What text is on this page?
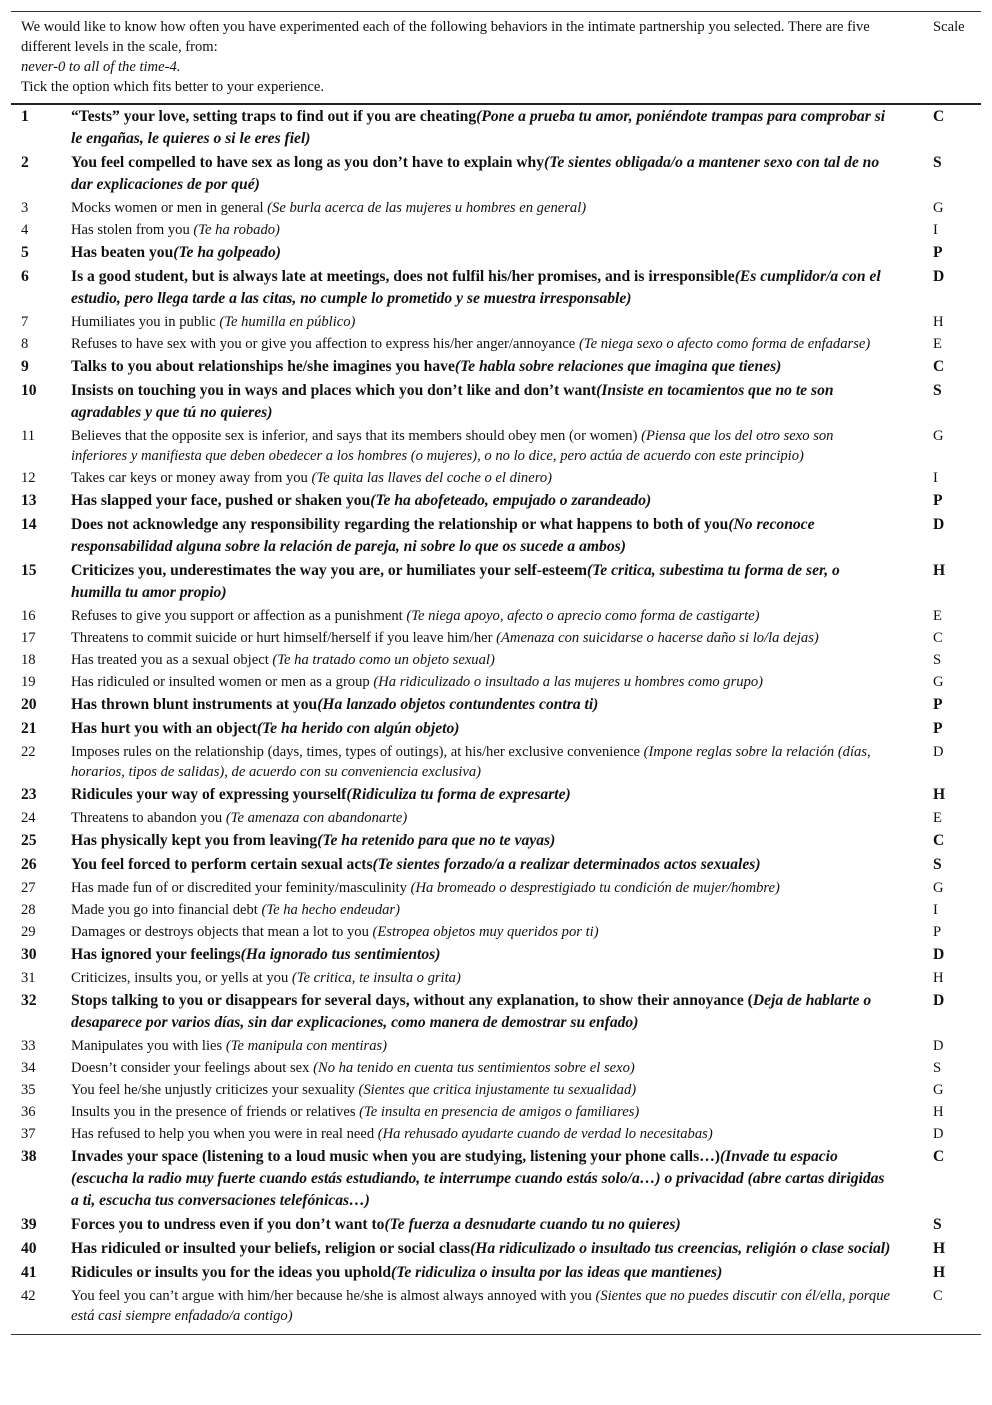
We would like to know how often you have experimented each of the following behaviors in the intimate partnership you selected. There are five different levels in the scale, from:
never-0 to all of the time-4.
Tick the option which fits better to your experience.		Scale
1	“Tests” your love, setting traps to find out if you are cheating(Pone a prueba tu amor, poniéndote trampas para comprobar si le engañas, le quieres o si le eres fiel)	C
2	You feel compelled to have sex as long as you don’t have to explain why(Te sientes obligada/o a mantener sexo con tal de no dar explicaciones de por qué)	S
3	Mocks women or men in general (Se burla acerca de las mujeres u hombres en general)	G
4	Has stolen from you (Te ha robado)	I
5	Has beaten you(Te ha golpeado)	P
6	Is a good student, but is always late at meetings, does not fulfil his/her promises, and is irresponsible(Es cumplidor/a con el estudio, pero llega tarde a las citas, no cumple lo prometido y se muestra irresponsable)	D
7	Humiliates you in public (Te humilla en público)	H
8	Refuses to have sex with you or give you affection to express his/her anger/annoyance (Te niega sexo o afecto como forma de enfadarse)	E
9	Talks to you about relationships he/she imagines you have(Te habla sobre relaciones que imagina que tienes)	C
10	Insists on touching you in ways and places which you don’t like and don’t want(Insiste en tocamientos que no te son agradables y que tú no quieres)	S
11	Believes that the opposite sex is inferior, and says that its members should obey men (or women) (Piensa que los del otro sexo son inferiores y manifiesta que deben obedecer a los hombres (o mujeres), o no lo dice, pero actúa de acuerdo con este principio)	G
12	Takes car keys or money away from you (Te quita las llaves del coche o el dinero)	I
13	Has slapped your face, pushed or shaken you(Te ha abofeteado, empujado o zarandeado)	P
14	Does not acknowledge any responsibility regarding the relationship or what happens to both of you(No reconoce responsabilidad alguna sobre la relación de pareja, ni sobre lo que os sucede a ambos)	D
15	Criticizes you, underestimates the way you are, or humiliates your self-esteem(Te critica, subestima tu forma de ser, o humilla tu amor propio)	H
16	Refuses to give you support or affection as a punishment (Te niega apoyo, afecto o aprecio como forma de castigarte)	E
17	Threatens to commit suicide or hurt himself/herself if you leave him/her (Amenaza con suicidarse o hacerse daño si lo/la dejas)	C
18	Has treated you as a sexual object (Te ha tratado como un objeto sexual)	S
19	Has ridiculed or insulted women or men as a group (Ha ridiculizado o insultado a las mujeres u hombres como grupo)	G
20	Has thrown blunt instruments at you(Ha lanzado objetos contundentes contra ti)	P
21	Has hurt you with an object(Te ha herido con algún objeto)	P
22	Imposes rules on the relationship (days, times, types of outings), at his/her exclusive convenience (Impone reglas sobre la relación (días, horarios, tipos de salidas), de acuerdo con su conveniencia exclusiva)	D
23	Ridicules your way of expressing yourself(Ridiculiza tu forma de expresarte)	H
24	Threatens to abandon you (Te amenaza con abandonarte)	E
25	Has physically kept you from leaving(Te ha retenido para que no te vayas)	C
26	You feel forced to perform certain sexual acts(Te sientes forzado/a a realizar determinados actos sexuales)	S
27	Has made fun of or discredited your feminity/masculinity (Ha bromeado o desprestigiado tu condición de mujer/hombre)	G
28	Made you go into financial debt (Te ha hecho endeudar)	I
29	Damages or destroys objects that mean a lot to you (Estropea objetos muy queridos por ti)	P
30	Has ignored your feelings(Ha ignorado tus sentimientos)	D
31	Criticizes, insults you, or yells at you (Te critica, te insulta o grita)	H
32	Stops talking to you or disappears for several days, without any explanation, to show their annoyance (Deja de hablarte o desaparece por varios días, sin dar explicaciones, como manera de demostrar su enfado)	D
33	Manipulates you with lies (Te manipula con mentiras)	D
34	Doesn’t consider your feelings about sex (No ha tenido en cuenta tus sentimientos sobre el sexo)	S
35	You feel he/she unjustly criticizes your sexuality (Sientes que critica injustamente tu sexualidad)	G
36	Insults you in the presence of friends or relatives (Te insulta en presencia de amigos o familiares)	H
37	Has refused to help you when you were in real need (Ha rehusado ayudarte cuando de verdad lo necesitabas)	D
38	Invades your space (listening to a loud music when you are studying, listening your phone calls…)(Invade tu espacio (escucha la radio muy fuerte cuando estás estudiando, te interrumpe cuando estás solo/a…) o privacidad (abre cartas dirigidas a ti, escucha tus conversaciones telefónicas…)	C
39	Forces you to undress even if you don’t want to(Te fuerza a desnudarte cuando tu no quieres)	S
40	Has ridiculed or insulted your beliefs, religion or social class(Ha ridiculizado o insultado tus creencias, religión o clase social)	H
41	Ridicules or insults you for the ideas you uphold(Te ridiculiza o insulta por las ideas que mantienes)	H
42	You feel you can’t argue with him/her because he/she is almost always annoyed with you (Sientes que no puedes discutir con él/ella, porque está casi siempre enfadado/a contigo)	C
